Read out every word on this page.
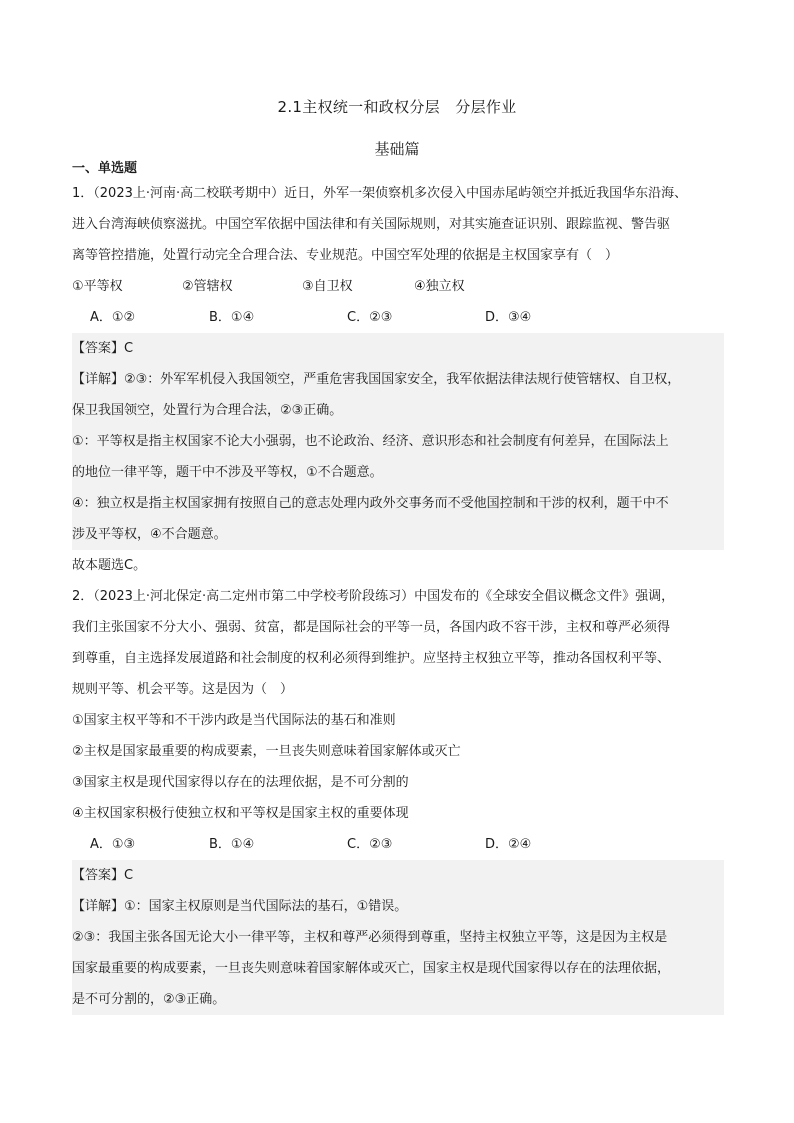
2.1主权统一和政权分层　分层作业
基础篇
一、单选题
1．（2023上·河南·高二校联考期中）近日，外军一架侦察机多次侵入中国赤尾屿领空并抵近我国华东沿海、
进入台湾海峡侦察滋扰。中国空军依据中国法律和有关国际规则，对其实施查证识别、跟踪监视、警告驱
离等管控措施，处置行动完全合理合法、专业规范。中国空军处理的依据是主权国家享有（　）
①平等权	②管辖权	③自卫权	④独立权
A．①②	B．①④	C．②③	D．③④
【答案】C
【详解】②③：外军军机侵入我国领空，严重危害我国国家安全，我军依据法律法规行使管辖权、自卫权，
保卫我国领空，处置行为合理合法，②③正确。
①：平等权是指主权国家不论大小强弱，也不论政治、经济、意识形态和社会制度有何差异，在国际法上
的地位一律平等，题干中不涉及平等权，①不合题意。
④：独立权是指主权国家拥有按照自己的意志处理内政外交事务而不受他国控制和干涉的权利，题干中不
涉及平等权，④不合题意。
故本题选C。
2．（2023上·河北保定·高二定州市第二中学校考阶段练习）中国发布的《全球安全倡议概念文件》强调，
我们主张国家不分大小、强弱、贫富，都是国际社会的平等一员，各国内政不容干涉，主权和尊严必须得
到尊重，自主选择发展道路和社会制度的权利必须得到维护。应坚持主权独立平等，推动各国权利平等、
规则平等、机会平等。这是因为（　）
①国家主权平等和不干涉内政是当代国际法的基石和准则
②主权是国家最重要的构成要素，一旦丧失则意味着国家解体或灭亡
③国家主权是现代国家得以存在的法理依据，是不可分割的
④主权国家积极行使独立权和平等权是国家主权的重要体现
A．①③	B．①④	C．②③	D．②④
【答案】C
【详解】①：国家主权原则是当代国际法的基石，①错误。
②③：我国主张各国无论大小一律平等，主权和尊严必须得到尊重，坚持主权独立平等，这是因为主权是
国家最重要的构成要素，一旦丧失则意味着国家解体或灭亡，国家主权是现代国家得以存在的法理依据，
是不可分割的，②③正确。
